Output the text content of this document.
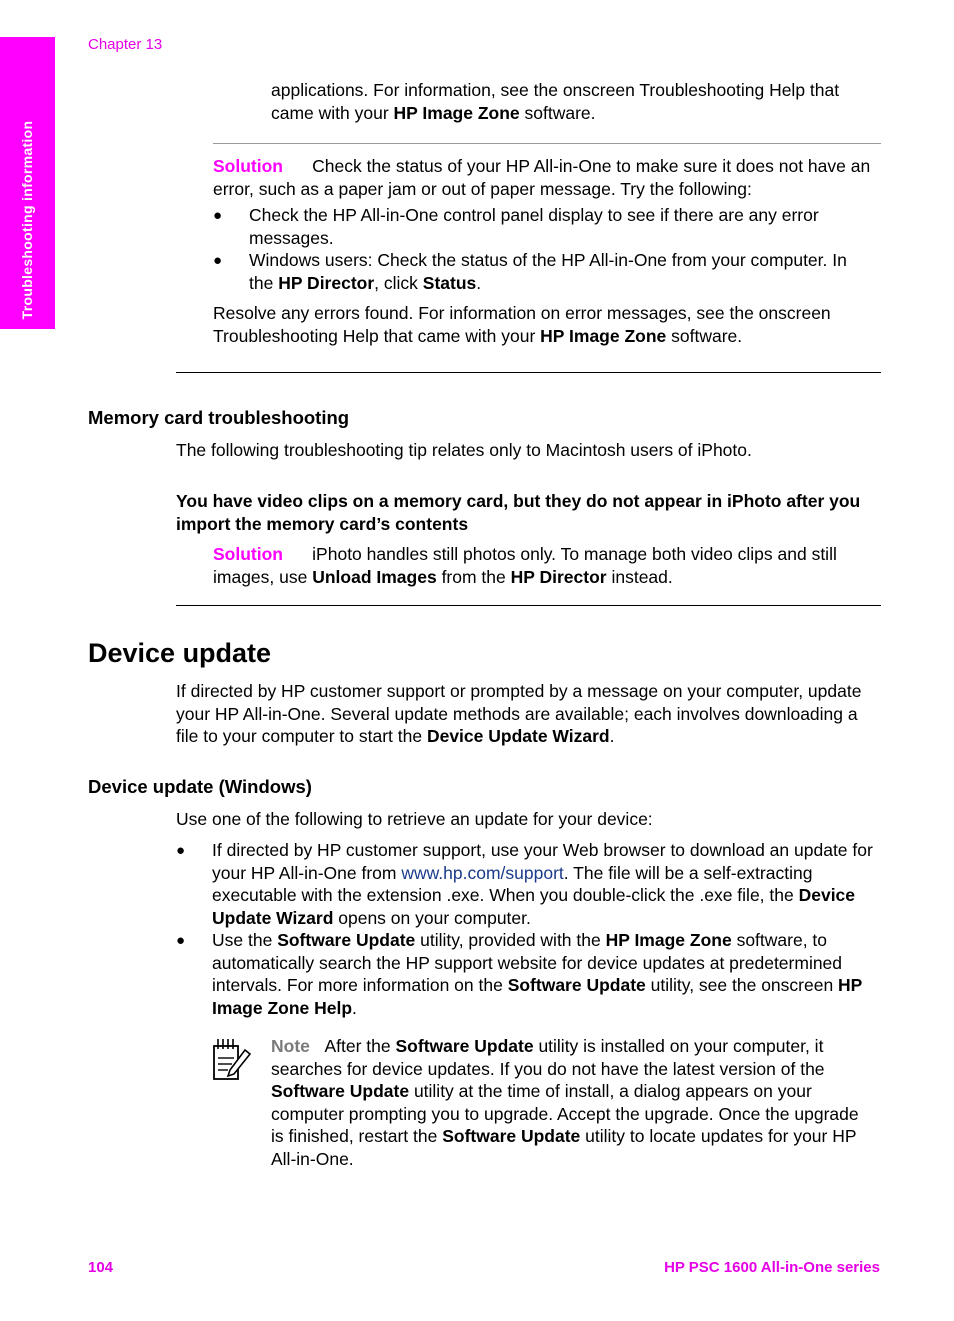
Troubleshooting information
Chapter 13
applications. For information, see the onscreen Troubleshooting Help that came with your HP Image Zone software.
Solution Check the status of your HP All-in-One to make sure it does not have an error, such as a paper jam or out of paper message. Try the following:
● Check the HP All-in-One control panel display to see if there are any error messages.
● Windows users: Check the status of the HP All-in-One from your computer. In the HP Director, click Status.
Resolve any errors found. For information on error messages, see the onscreen Troubleshooting Help that came with your HP Image Zone software.
Memory card troubleshooting
The following troubleshooting tip relates only to Macintosh users of iPhoto.
You have video clips on a memory card, but they do not appear in iPhoto after you import the memory card’s contents
Solution iPhoto handles still photos only. To manage both video clips and still images, use Unload Images from the HP Director instead.
Device update
If directed by HP customer support or prompted by a message on your computer, update your HP All-in-One. Several update methods are available; each involves downloading a file to your computer to start the Device Update Wizard.
Device update (Windows)
Use one of the following to retrieve an update for your device:
● If directed by HP customer support, use your Web browser to download an update for your HP All-in-One from www.hp.com/support. The file will be a self-extracting executable with the extension .exe. When you double-click the .exe file, the Device Update Wizard opens on your computer.
● Use the Software Update utility, provided with the HP Image Zone software, to automatically search the HP support website for device updates at predetermined intervals. For more information on the Software Update utility, see the onscreen HP Image Zone Help.
Note After the Software Update utility is installed on your computer, it searches for device updates. If you do not have the latest version of the Software Update utility at the time of install, a dialog appears on your computer prompting you to upgrade. Accept the upgrade. Once the upgrade is finished, restart the Software Update utility to locate updates for your HP All-in-One.
104	HP PSC 1600 All-in-One series
